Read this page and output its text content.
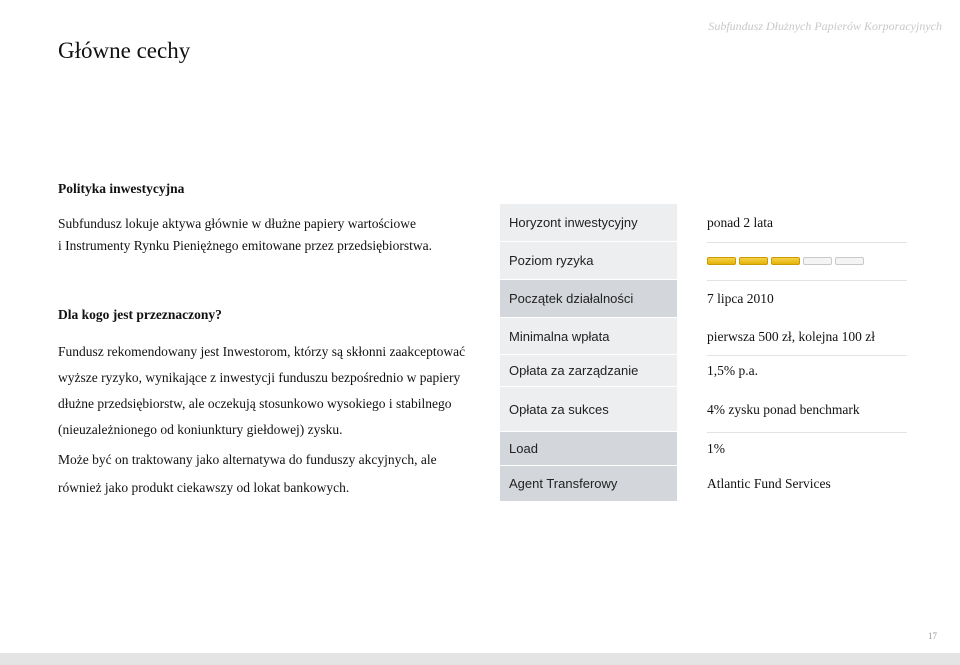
Subfundusz Dłużnych Papierów Korporacyjnych
Główne cechy
Polityka inwestycyjna
Subfundusz lokuje aktywa głównie w dłużne papiery wartościowe
i Instrumenty Rynku Pieniężnego emitowane przez przedsiębiorstwa.
Dla kogo jest przeznaczony?
Fundusz rekomendowany jest Inwestorom, którzy są skłonni zaakceptować
wyższe ryzyko, wynikające z inwestycji funduszu bezpośrednio w papiery
dłużne przedsiębiorstw, ale oczekują stosunkowo wysokiego i stabilnego
(nieuzależnionego od koniunktury giełdowej) zysku.
Może być on traktowany jako alternatywa do funduszy akcyjnych, ale
również jako produkt ciekawszy od lokat bankowych.
Horyzont inwestycyjny	ponad 2 lata
Poziom ryzyka
Początek działalności	7 lipca 2010
Minimalna wpłata	pierwsza 500 zł, kolejna 100 zł
Opłata za zarządzanie	1,5% p.a.
Opłata za sukces	4% zysku ponad benchmark
Load	1%
Agent Transferowy	Atlantic Fund Services
17
